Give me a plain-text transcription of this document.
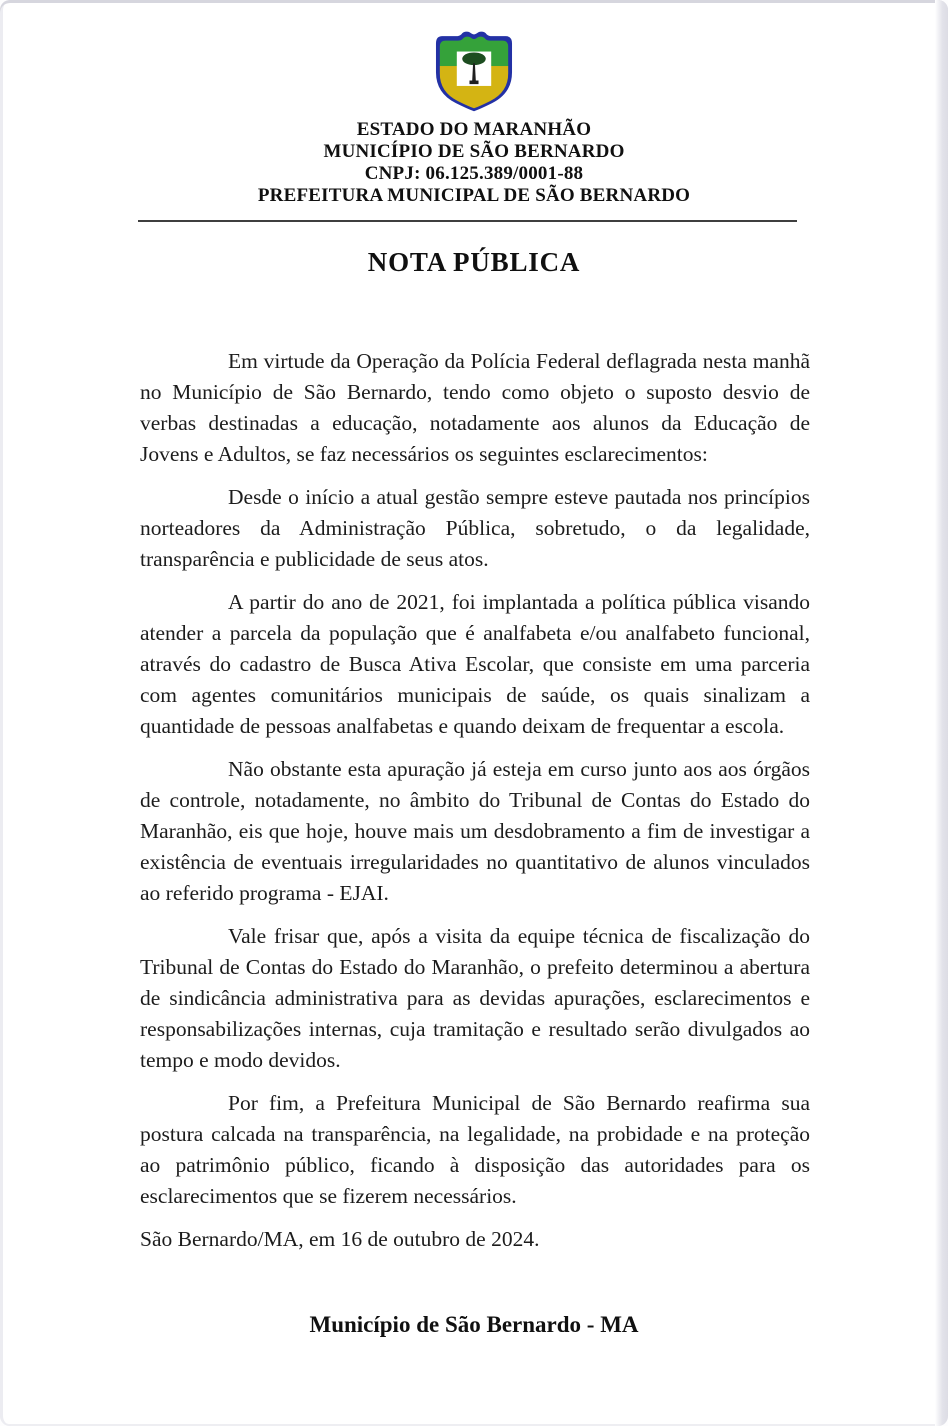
ESTADO DO MARANHÃO
MUNICÍPIO DE SÃO BERNARDO
CNPJ: 06.125.389/0001-88
PREFEITURA MUNICIPAL DE SÃO BERNARDO
NOTA PÚBLICA

Em virtude da Operação da Polícia Federal deflagrada nesta manhã no Município de São Bernardo, tendo como objeto o suposto desvio de verbas destinadas a educação, notadamente aos alunos da Educação de Jovens e Adultos, se faz necessários os seguintes esclarecimentos:

Desde o início a atual gestão sempre esteve pautada nos princípios norteadores da Administração Pública, sobretudo, o da legalidade, transparência e publicidade de seus atos.

A partir do ano de 2021, foi implantada a política pública visando atender a parcela da população que é analfabeta e/ou analfabeto funcional, através do cadastro de Busca Ativa Escolar, que consiste em uma parceria com agentes comunitários municipais de saúde, os quais sinalizam a quantidade de pessoas analfabetas e quando deixam de frequentar a escola.

Não obstante esta apuração já esteja em curso junto aos aos órgãos de controle, notadamente, no âmbito do Tribunal de Contas do Estado do Maranhão, eis que hoje, houve mais um desdobramento a fim de investigar a existência de eventuais irregularidades no quantitativo de alunos vinculados ao referido programa - EJAI.

Vale frisar que, após a visita da equipe técnica de fiscalização do Tribunal de Contas do Estado do Maranhão, o prefeito determinou a abertura de sindicância administrativa para as devidas apurações, esclarecimentos e responsabilizações internas, cuja tramitação e resultado serão divulgados ao tempo e modo devidos.

Por fim, a Prefeitura Municipal de São Bernardo reafirma sua postura calcada na transparência, na legalidade, na probidade e na proteção ao patrimônio público, ficando à disposição das autoridades para os esclarecimentos que se fizerem necessários.

São Bernardo/MA, em 16 de outubro de 2024.
Município de São Bernardo - MA
